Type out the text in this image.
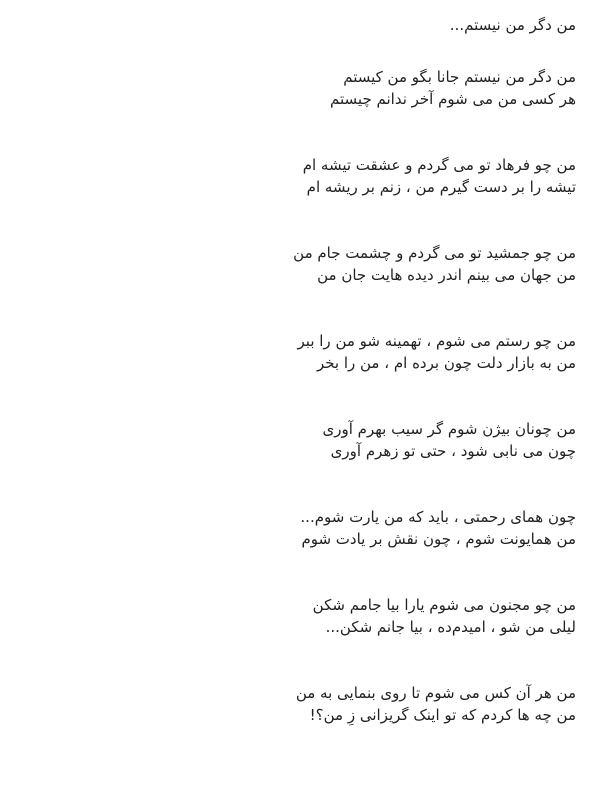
من دگر من نیستم...
من دگر من نیستم جانا بگو من کیستم
هر کسی من می شوم آخر ندانم چیستم
من چو فرهاد تو می گردم و عشقت تیشه ام
تیشه را بر دست گیرم من ، زنم بر ریشه ام
من چو جمشید تو می گردم و چشمت جام من
من جهان می بینم اندر دیده هایت جان من
من چو رستم می شوم ، تهمینه شو من را ببر
من به بازار دلت چون برده ام ، من را بخر
من چونان بیژن شوم گر سیب بهرم آوری
چون ‌می نابی شود ، حتی تو زهرم آوری
چون همای رحمتی ، باید که من یارت شوم...
من همایونت شوم ، چون نقش بر یادت شوم
من چو مجنون می شوم یارا بیا جامم شکن
لیلی من شو ، امیدم‌ده ، بیا جانم شکن...
من هر آن کس می شوم تا روی بنمایی به من
من چه ها کردم که تو اینک گریزانی زِ من؟!
